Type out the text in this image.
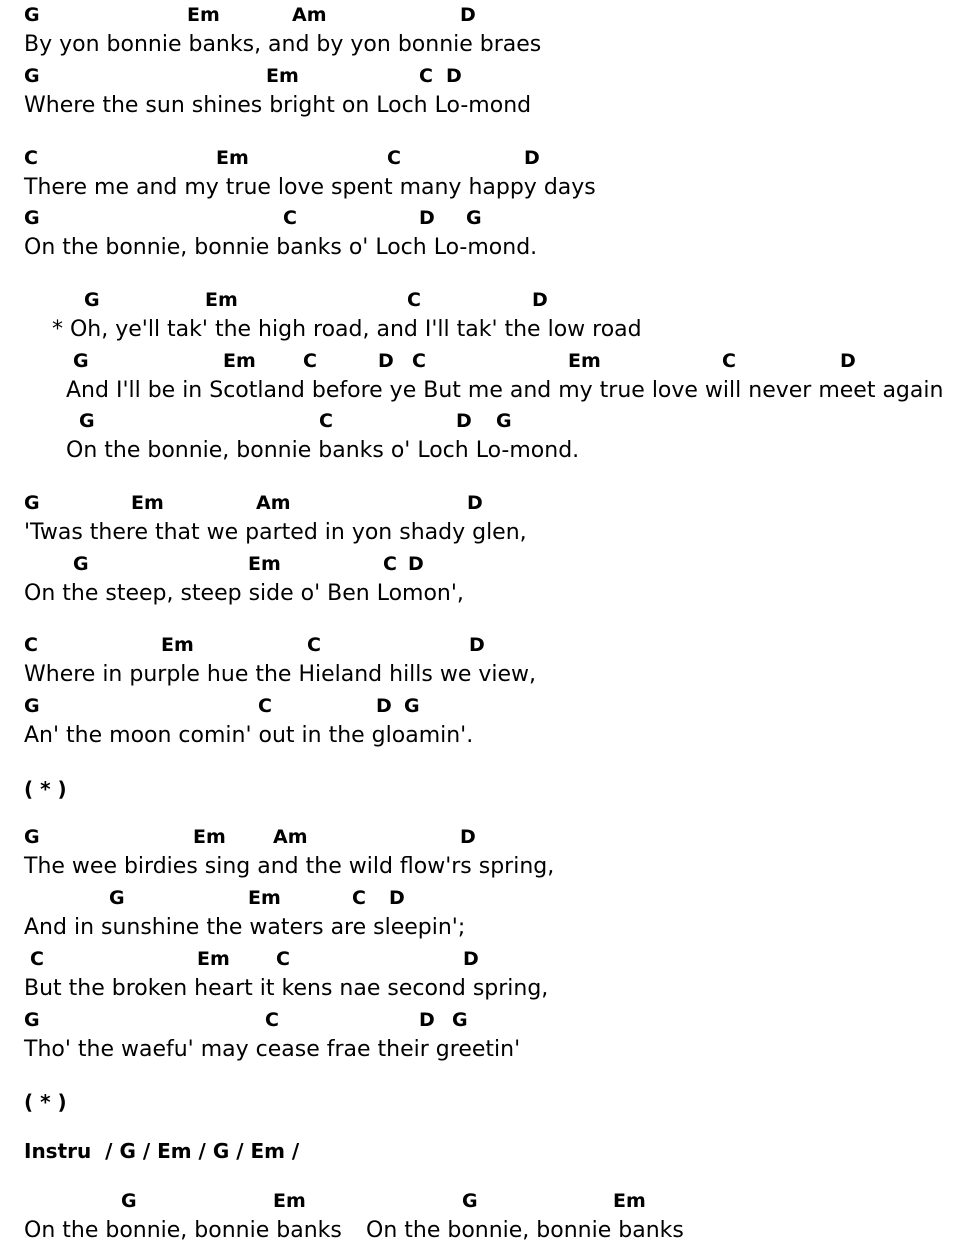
G	Em	Am	D
By yon bonnie banks, and by yon bonnie braes
G	Em	C D
Where the sun shines bright on Loch Lo-mond
C	Em	C	D
There me and my true love spent many happy days
G	C	D G
On the bonnie, bonnie banks o' Loch Lo-mond.
G	Em	C	D
* Oh, ye'll tak' the high road, and I'll tak' the low road
G	Em C	D C	Em	C	D
And I'll be in Scotland before ye But me and my true love will never meet again
G	C	D G
On the bonnie, bonnie banks o' Loch Lo-mond.
G	Em	Am	D
'Twas there that we parted in yon shady glen,
G	Em	C D
On the steep, steep side o' Ben Lomon',
C	Em	C	D
Where in purple hue the Hieland hills we view,
G	C	D G
An' the moon comin' out in the gloamin'.
( * )
G	Em Am	D
The wee birdies sing and the wild flow'rs spring,
G	Em	C D
And in sunshine the waters are sleepin';
C	Em C	D
But the broken heart it kens nae second spring,
G	C	D G
Tho' the waefu' may cease frae their greetin'
( * )
Instru  / G / Em / G / Em /
G	Em	G	Em
On the bonnie, bonnie banks On the bonnie, bonnie banks
